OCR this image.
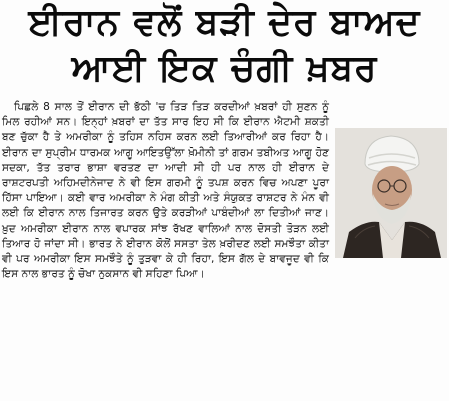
ਈਰਾਨ ਵਲੋਂ ਬੜੀ ਦੇਰ ਬਾਅਦ
ਆਈ ਇਕ ਚੰਗੀ ਖ਼ਬਰ

ਪਿਛਲੇ 8 ਸਾਲ ਤੋਂ ਈਰਾਨ ਦੀ ਭੱਠੀ 'ਚ ਤਿੜ ਤਿੜ ਕਰਦੀਆਂ ਖ਼ਬਰਾਂ ਹੀ ਸੁਣਨ ਨੂੰ ਮਿਲ ਰਹੀਆਂ ਸਨ। ਇਨ੍ਹਾਂ ਖ਼ਬਰਾਂ ਦਾ ਤੱਤ ਸਾਰ ਇਹ ਸੀ ਕਿ ਈਰਾਨ ਐਟਮੀ ਸ਼ਕਤੀ ਬਣ ਚੁੱਕਾ ਹੈ ਤੇ ਅਮਰੀਕਾ ਨੂੰ ਤਹਿਸ ਨਹਿਸ ਕਰਨ ਲਈ ਤਿਆਰੀਆਂ ਕਰ ਰਿਹਾ ਹੈ। ਈਰਾਨ ਦਾ ਸੁਪ੍ਰੀਮ ਧਾਰਮਕ ਆਗੂ ਆਇਤਉੱਲਾ ਖ਼ੋਮੀਨੀ ਤਾਂ ਗਰਮ ਤਬੀਅਤ ਆਗੂ ਹੋਣ ਸਦਕਾ, ਤੱਤ ਤਰਾਰ ਭਾਸ਼ਾ ਵਰਤਣ ਦਾ ਆਦੀ ਸੀ ਹੀ ਪਰ ਨਾਲ ਹੀ ਈਰਾਨ ਦੇ ਰਾਸ਼ਟਰਪਤੀ ਅਹਿਮਦੀਨੇਜਾਦ ਨੇ ਵੀ ਇਸ ਗਰਮੀ ਨੂੰ ਤਪਸ਼ ਕਰਨ ਵਿਚ ਅਪਣਾ ਪੂਰਾ ਹਿੱਸਾ ਪਾਇਆ। ਕਈ ਵਾਰ ਅਮਰੀਕਾ ਨੇ ਮੰਗ ਕੀਤੀ ਅਤੇ ਸੰਯੁਕਤ ਰਾਸ਼ਟਰ ਨੇ ਮੰਨ ਵੀ ਲਈ ਕਿ ਈਰਾਨ ਨਾਲ ਤਿਜਾਰਤ ਕਰਨ ਉਤੇ ਕਰੜੀਆਂ ਪਾਬੰਦੀਆਂ ਲਾ ਦਿਤੀਆਂ ਜਾਣ। ਖ਼ੁਦ ਅਮਰੀਕਾ ਈਰਾਨ ਨਾਲ ਵਪਾਰਕ ਸਾਂਝ ਰੱਖਣ ਵਾਲਿਆਂ ਨਾਲ ਦੋਸਤੀ ਤੋੜਨ ਲਈ ਤਿਆਰ ਹੋ ਜਾਂਦਾ ਸੀ। ਭਾਰਤ ਨੇ ਈਰਾਨ ਕੋਲੋਂ ਸਸਤਾ ਤੇਲ ਖ਼ਰੀਦਣ ਲਈ ਸਮਝੌਤਾ ਕੀਤਾ ਵੀ ਪਰ ਅਮਰੀਕਾ ਇਸ ਸਮਝੌਤੇ ਨੂੰ ਤੁੜਵਾ ਕੇ ਹੀ ਰਿਹਾ, ਇਸ ਗੱਲ ਦੇ ਬਾਵਜੂਦ ਵੀ ਕਿ ਇਸ ਨਾਲ ਭਾਰਤ ਨੂੰ ਚੋਖਾ ਨੁਕਸਾਨ ਵੀ ਸਹਿਣਾ ਪਿਆ।
